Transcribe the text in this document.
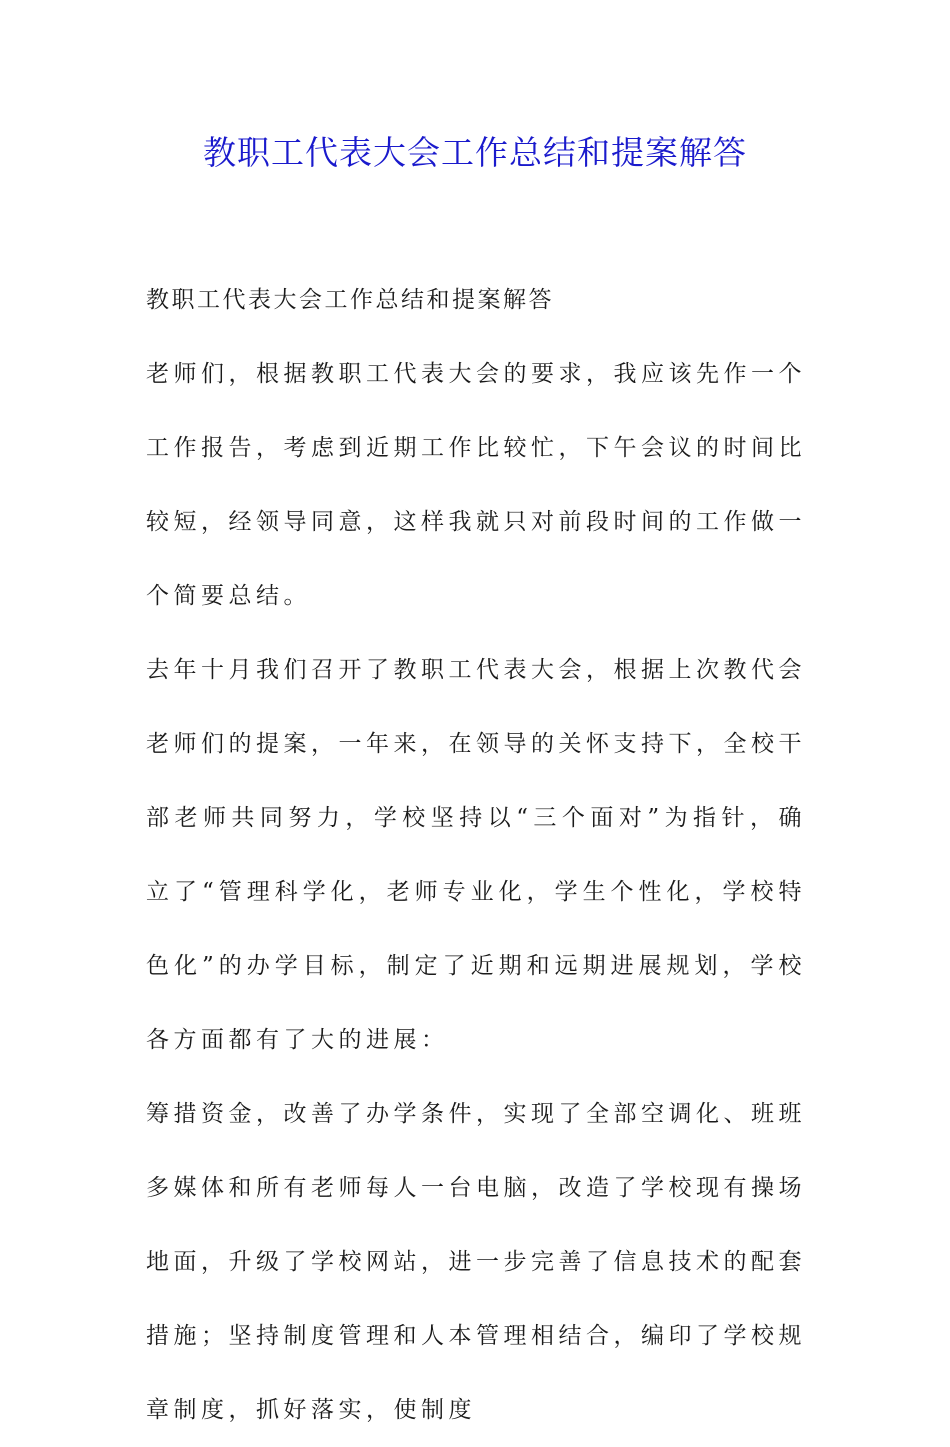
教职工代表大会工作总结和提案解答

教职工代表大会工作总结和提案解答

老师们，根据教职工代表大会的要求，我应该先作一个工作报告，考虑到近期工作比较忙，下午会议的时间比较短，经领导同意，这样我就只对前段时间的工作做一个简要总结。

去年十月我们召开了教职工代表大会，根据上次教代会老师们的提案，一年来，在领导的关怀支持下，全校干部老师共同努力，学校坚持以“三个面对”为指针，确立了“管理科学化，老师专业化，学生个性化，学校特色化”的办学目标，制定了近期和远期进展规划，学校各方面都有了大的进展：

筹措资金，改善了办学条件，实现了全部空调化、班班多媒体和所有老师每人一台电脑，改造了学校现有操场地面，升级了学校网站，进一步完善了信息技术的配套措施；坚持制度管理和人本管理相结合，编印了学校规章制度，抓好落实，使制度
